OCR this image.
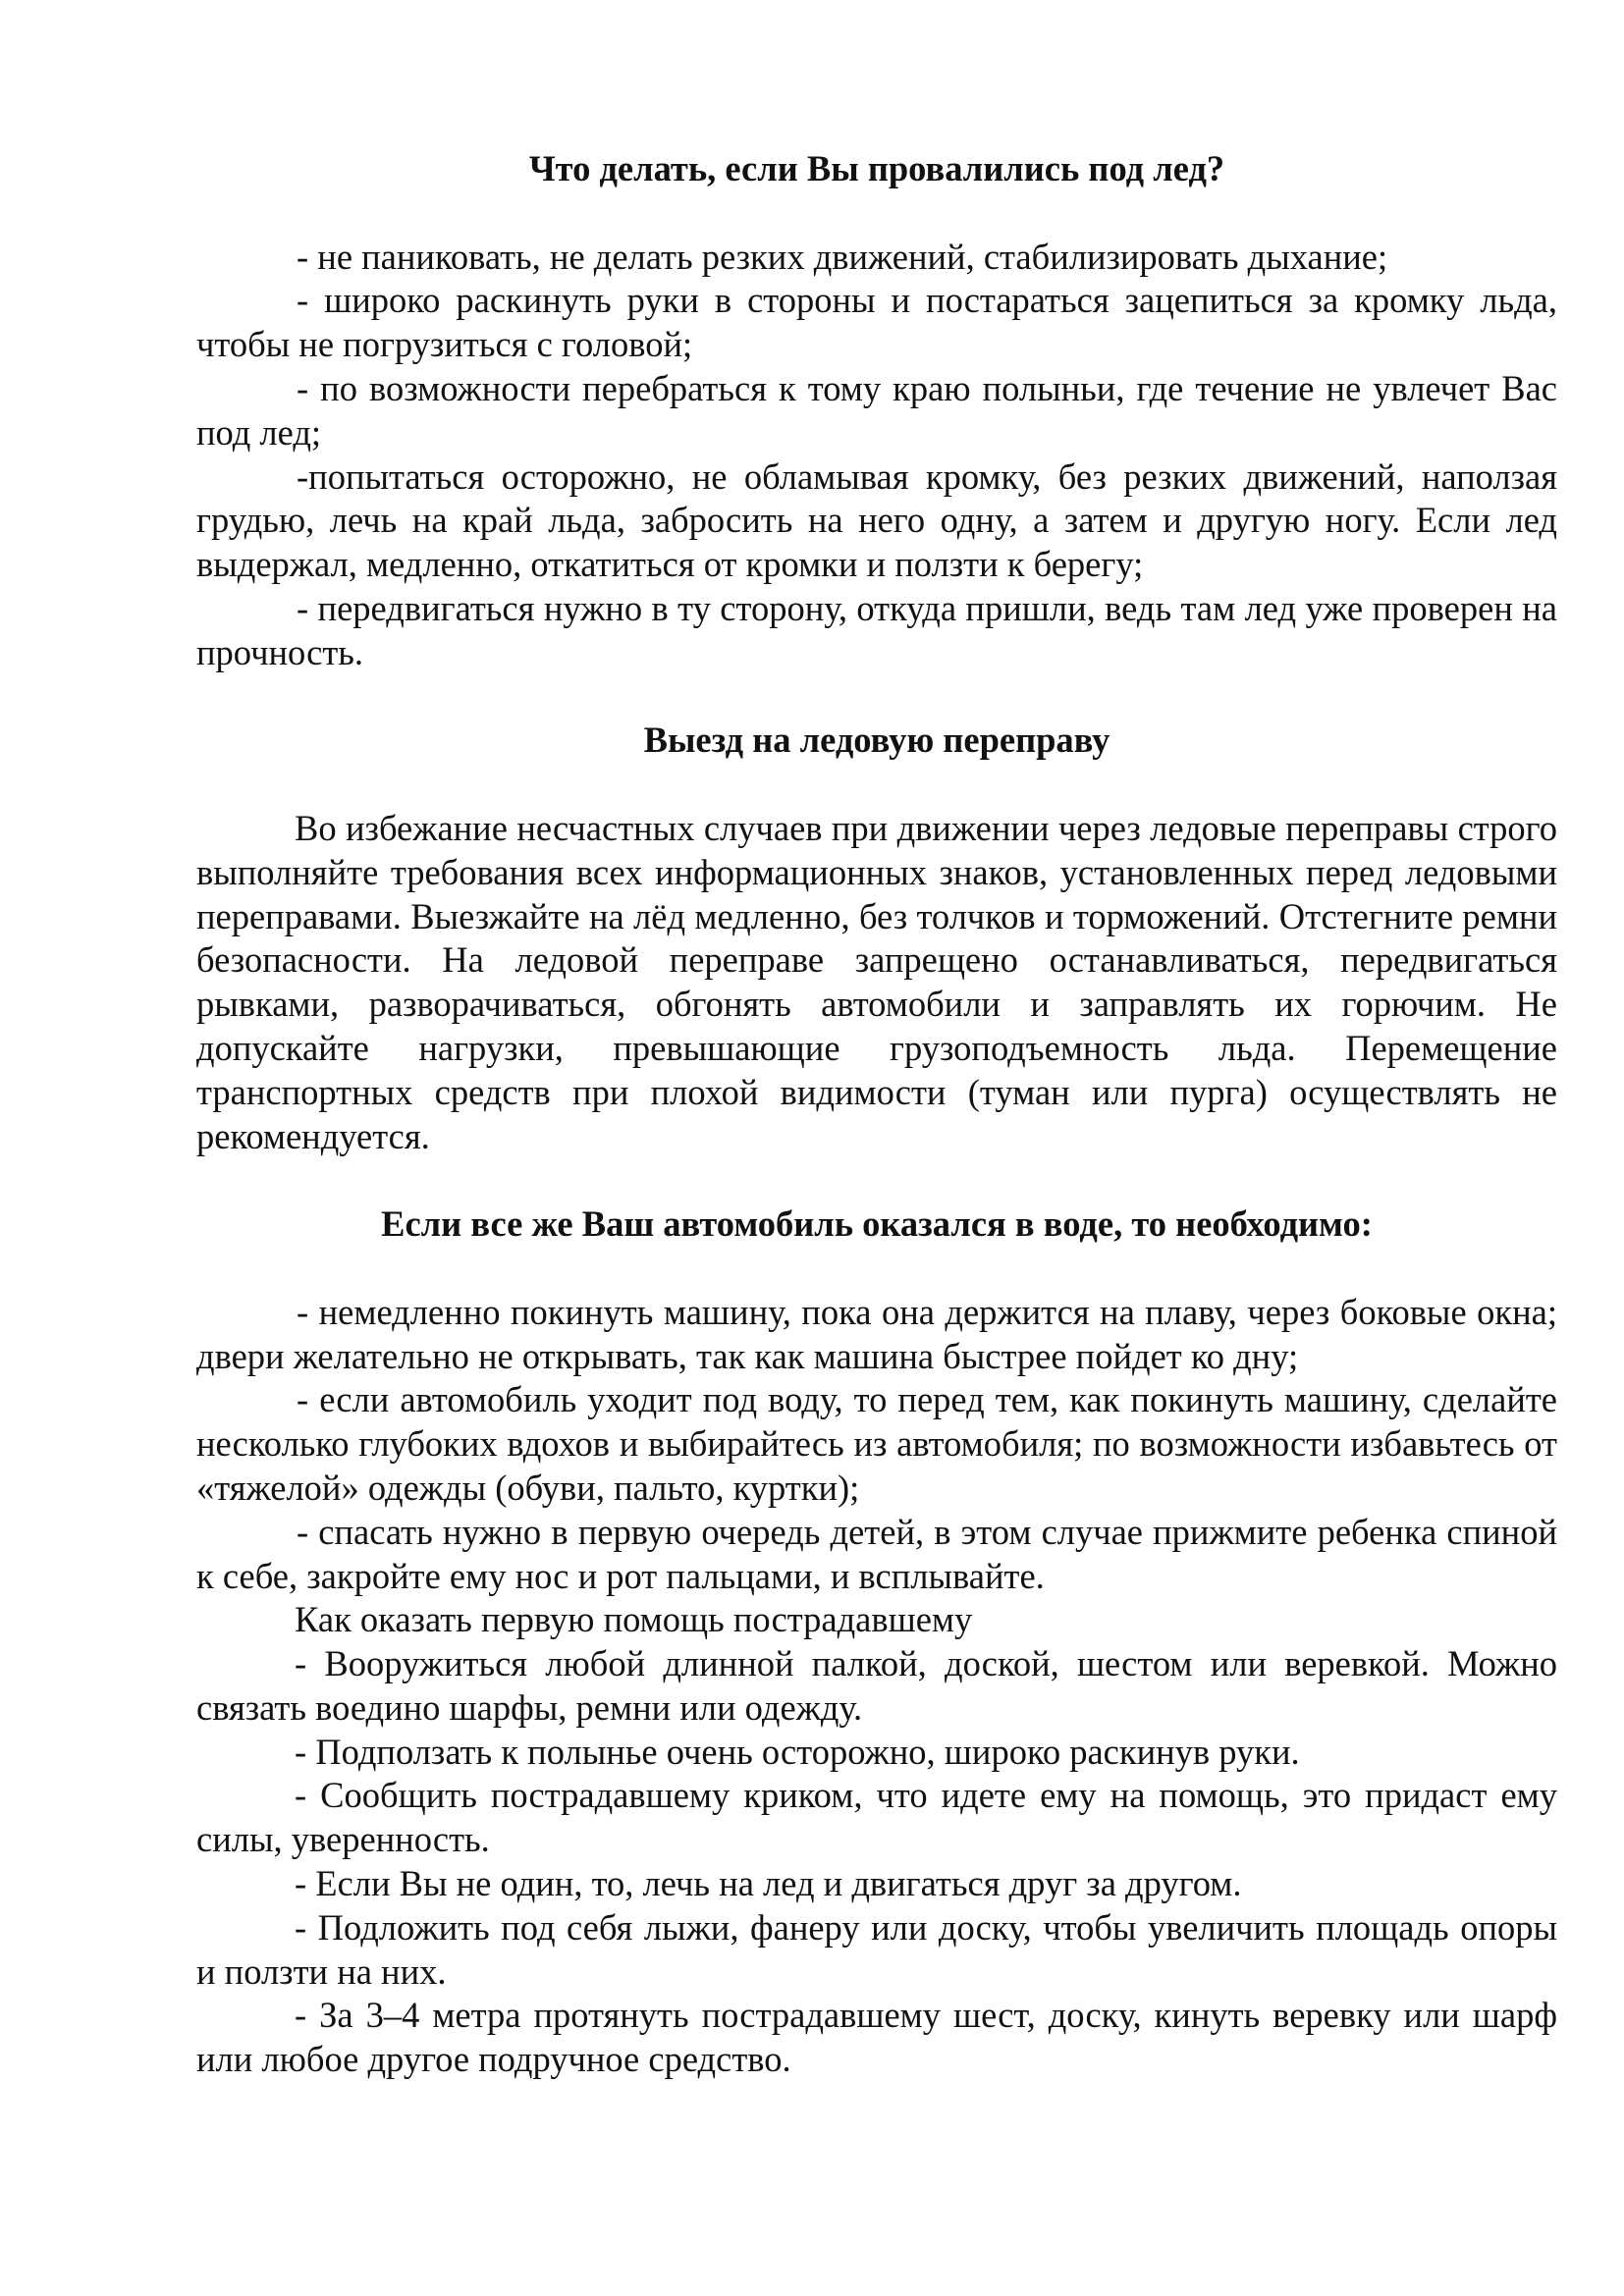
Что делать, если Вы провалились под лед?

- не паниковать, не делать резких движений, стабилизировать дыхание;

- широко раскинуть руки в стороны и постараться зацепиться за кромку льда, чтобы не погрузиться с головой;

- по возможности перебраться к тому краю полыньи, где течение не увлечет Вас под лед;

-попытаться осторожно, не обламывая кромку, без резких движений, наползая грудью, лечь на край льда, забросить на него одну, а затем и другую ногу. Если лед выдержал, медленно, откатиться от кромки и ползти к берегу;

- передвигаться нужно в ту сторону, откуда пришли, ведь там лед уже проверен на прочность.

Выезд на ледовую переправу

Во избежание несчастных случаев при движении через ледовые переправы строго выполняйте требования всех информационных знаков, установленных перед ледовыми переправами. Выезжайте на лёд медленно, без толчков и торможений. Отстегните ремни безопасности. На ледовой переправе запрещено останавливаться, передвигаться рывками, разворачиваться, обгонять автомобили и заправлять их горючим. Не допускайте нагрузки, превышающие грузоподъемность льда. Перемещение транспортных средств при плохой видимости (туман или пурга) осуществлять не рекомендуется.

Если все же Ваш автомобиль оказался в воде, то необходимо:

- немедленно покинуть машину, пока она держится на плаву, через боковые окна; двери желательно не открывать, так как машина быстрее пойдет ко дну;

- если автомобиль уходит под воду, то перед тем, как покинуть машину, сделайте несколько глубоких вдохов и выбирайтесь из автомобиля; по возможности избавьтесь от «тяжелой» одежды (обуви, пальто, куртки);

- спасать нужно в первую очередь детей, в этом случае прижмите ребенка спиной к себе, закройте ему нос и рот пальцами, и всплывайте.

Как оказать первую помощь пострадавшему

- Вооружиться любой длинной палкой, доской, шестом или веревкой. Можно связать воедино шарфы, ремни или одежду.

- Подползать к полынье очень осторожно, широко раскинув руки.

- Сообщить пострадавшему криком, что идете ему на помощь, это придаст ему силы, уверенность.

- Если Вы не один, то, лечь на лед и двигаться друг за другом.

- Подложить под себя лыжи, фанеру или доску, чтобы увеличить площадь опоры и ползти на них.

- За 3–4 метра протянуть пострадавшему шест, доску, кинуть веревку или шарф или любое другое подручное средство.
